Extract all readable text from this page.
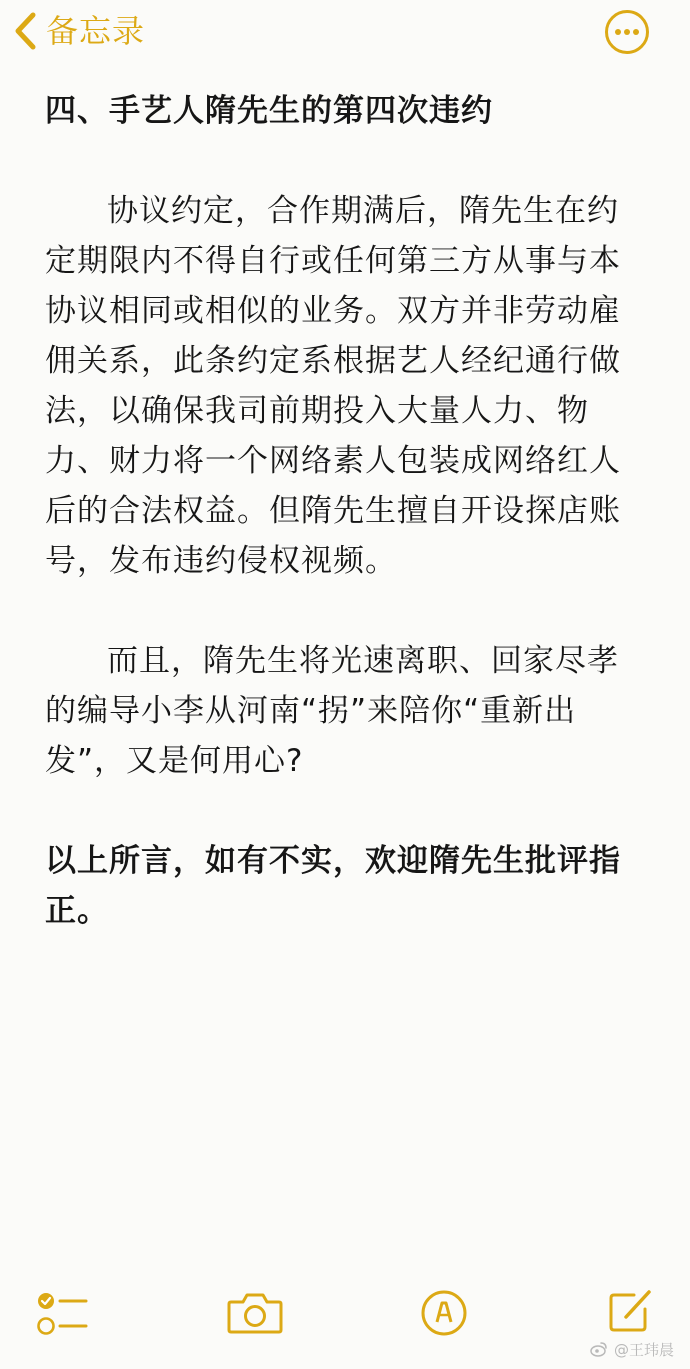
备忘录

四、手艺人隋先生的第四次违约

协议约定，合作期满后，隋先生在约定期限内不得自行或任何第三方从事与本协议相同或相似的业务。双方并非劳动雇佣关系，此条约定系根据艺人经纪通行做法，以确保我司前期投入大量人力、物力、财力将一个网络素人包装成网络红人后的合法权益。但隋先生擅自开设探店账号，发布违约侵权视频。

而且，隋先生将光速离职、回家尽孝的编导小李从河南“拐”来陪你“重新出发”，又是何用心?

以上所言，如有不实，欢迎隋先生批评指正。

@王玮晨
